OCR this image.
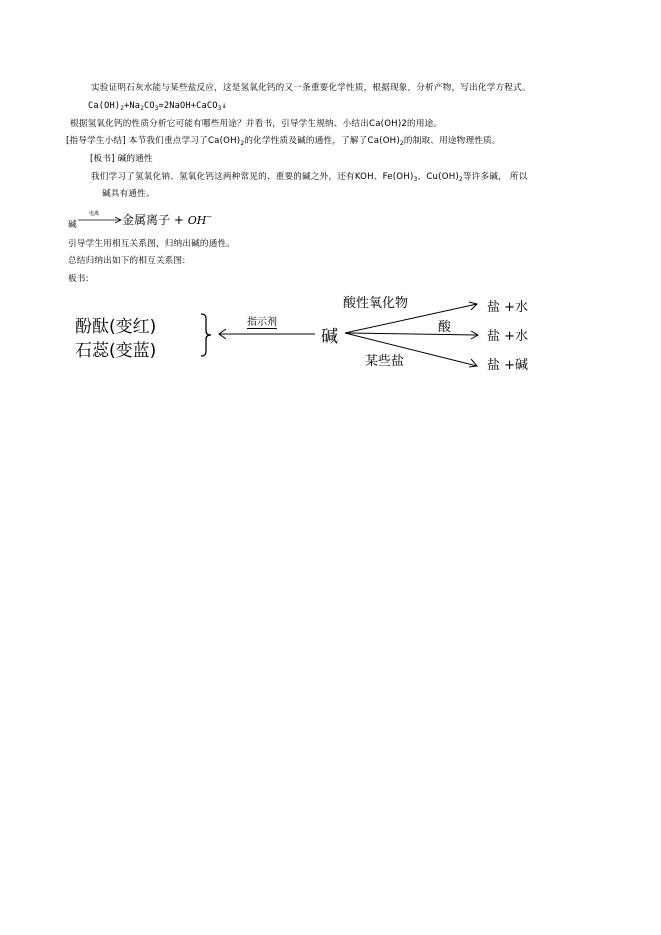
实验证明石灰水能与某些盐反应，这是氢氧化钙的又一条重要化学性质，根据现象，分析产物，写出化学方程式。
$Ca(OH)_2+Na_2CO_3=2NaOH+CaCO_3↓$
根据氢氧化钙的性质分析它可能有哪些用途？并看书，引导学生规纳、小结出Ca(OH)2的用途。
[指导学生小结] 本节我们重点学习了$Ca(OH)_2$的化学性质及碱的通性，了解了$Ca(OH)_2$的制取、用途物理性质。
[板书] 碱的通性
我们学习了氢氧化钠、氢氧化钙这两种常见的、重要的碱之外，还有KOH、$Fe(OH)_3$、$Cu(OH)_2$等许多碱， 所以
碱具有通性。
碱
电离 金属离子 + OH−
引导学生用相互关系图，归纳出碱的通性。
总结归纳出如下的相互关系图:
板书:
酚酞(变红)
石蕊(变蓝)
指示剂
碱
酸性氧化物
酸
某些盐
盐 +水
盐 +水
盐 +碱
